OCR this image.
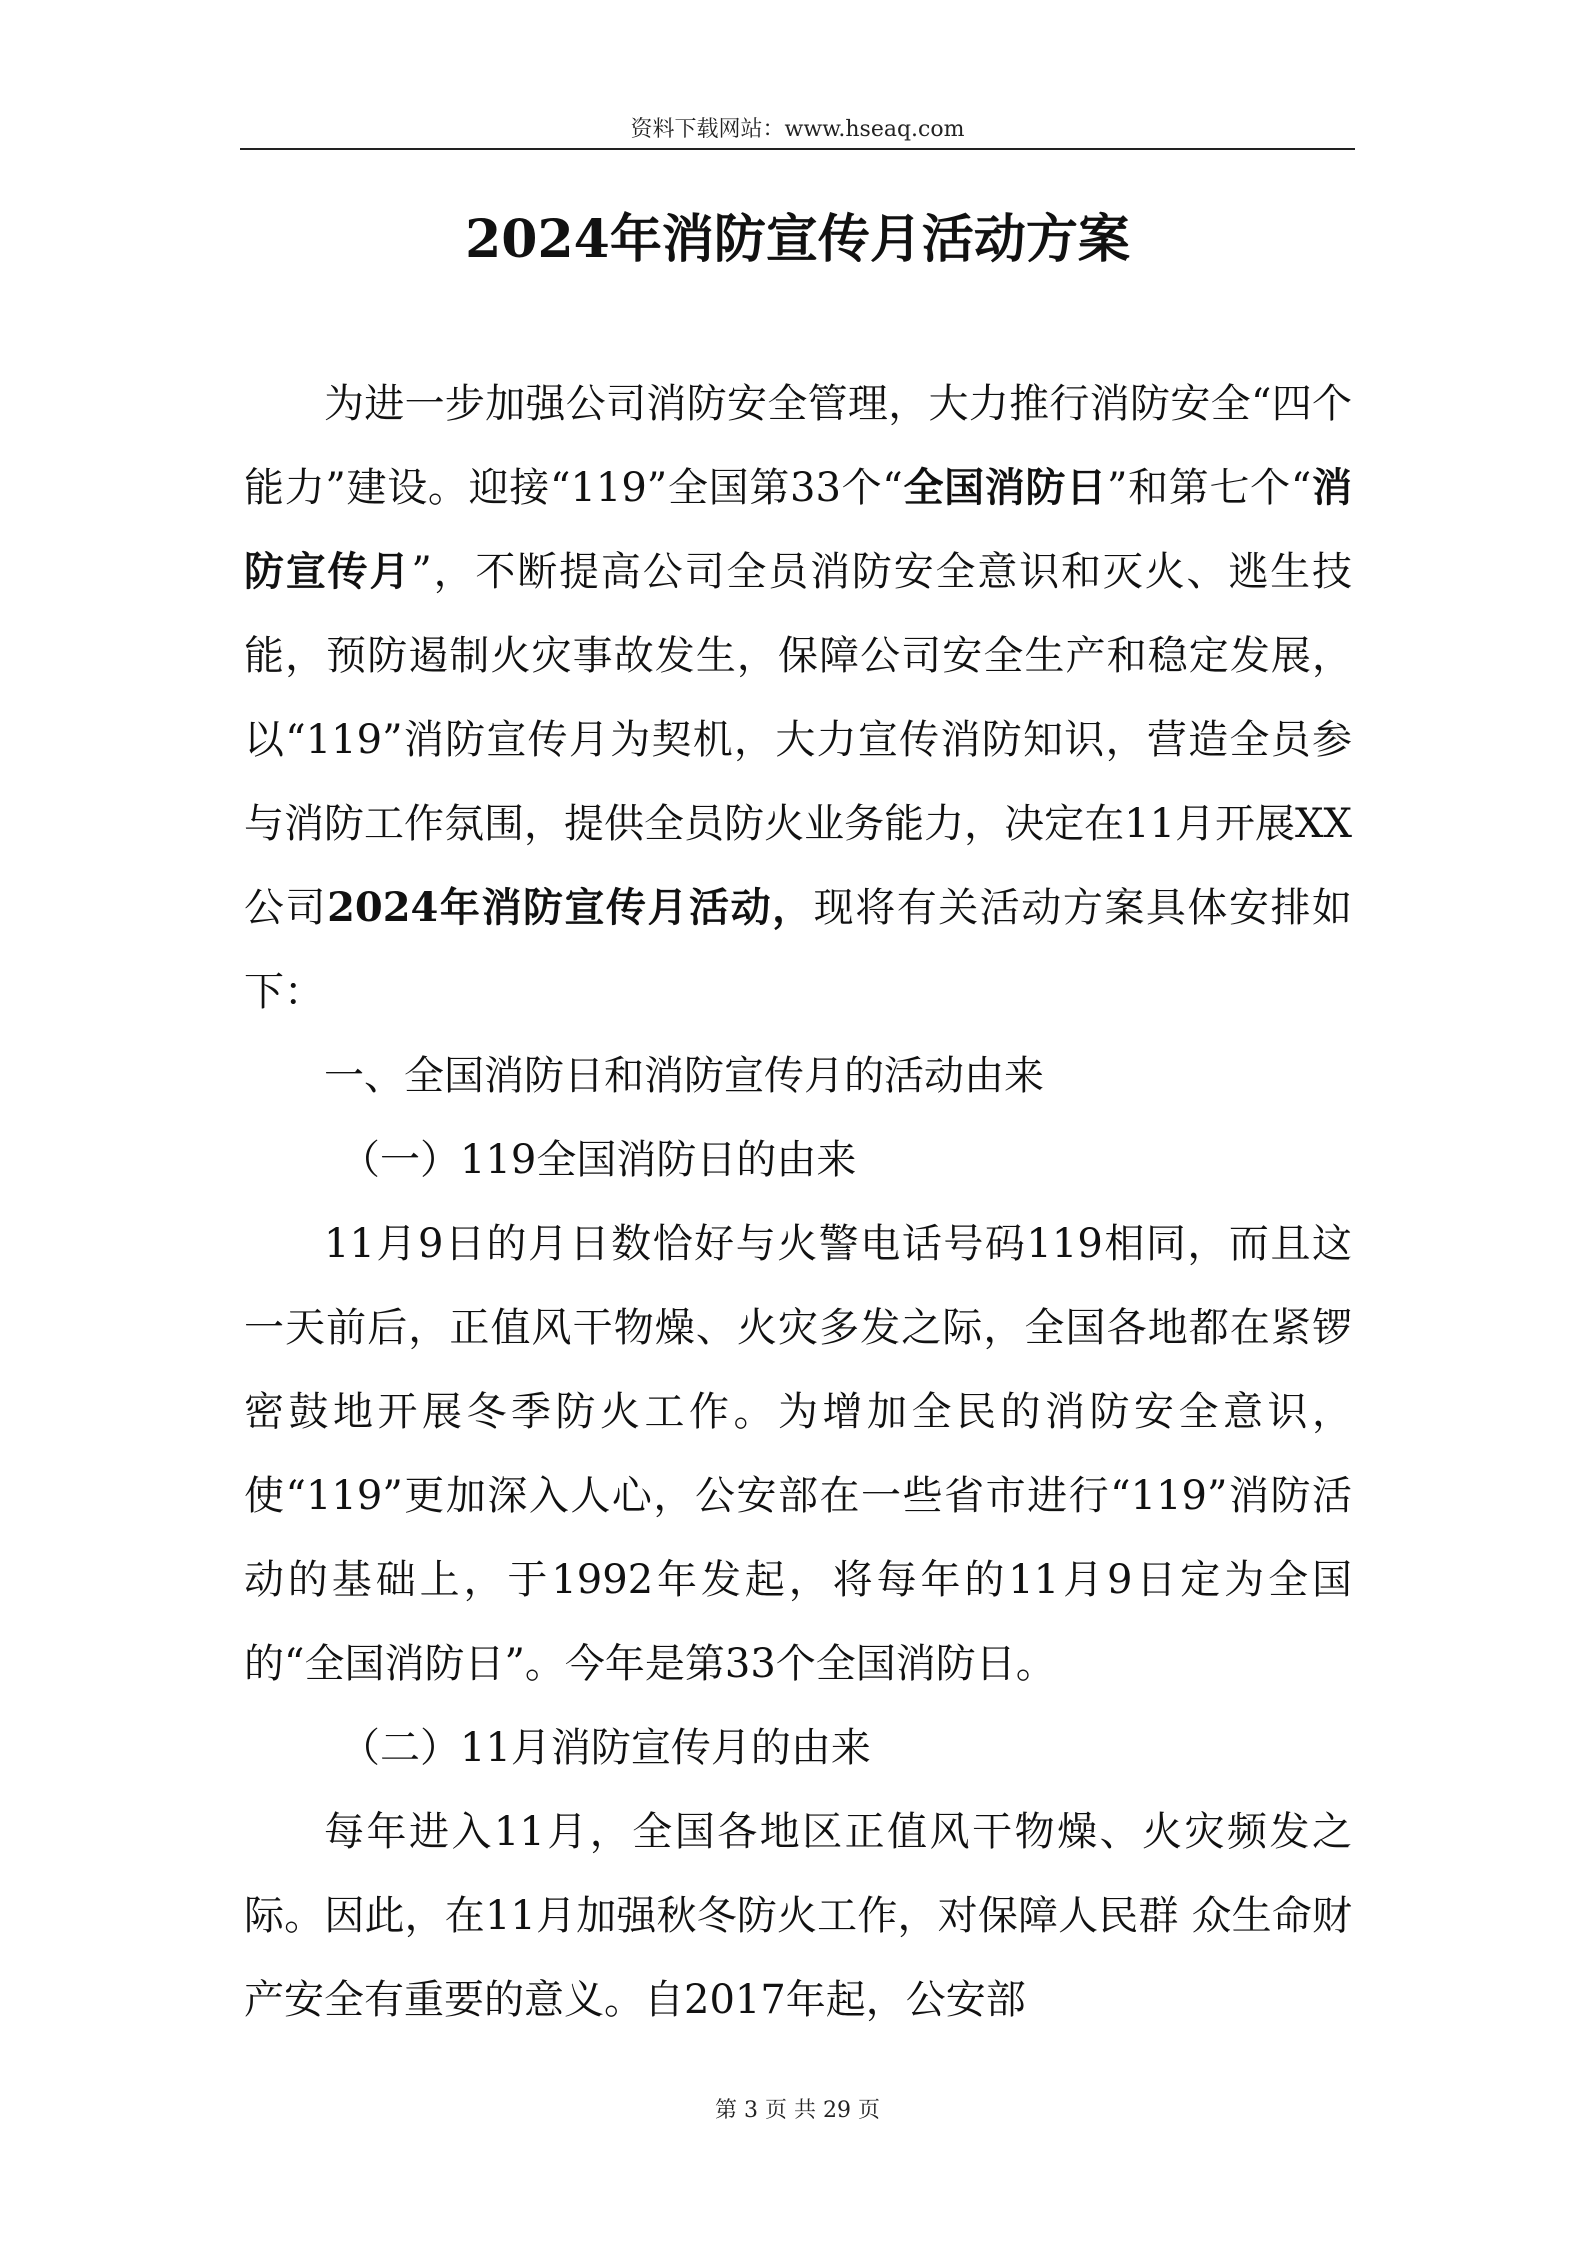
资料下载网站：www.hseaq.com
2024年消防宣传月活动方案

为进一步加强公司消防安全管理，大力推行消防安全“四个能力”建设。迎接“119”全国第33个“全国消防日”和第七个“消防宣传月”，不断提高公司全员消防安全意识和灭火、逃生技能，预防遏制火灾事故发生，保障公司安全生产和稳定发展，以“119”消防宣传月为契机，大力宣传消防知识，营造全员参与消防工作氛围，提供全员防火业务能力，决定在11月开展XX公司2024年消防宣传月活动，现将有关活动方案具体安排如下：

一、全国消防日和消防宣传月的活动由来

（一）119全国消防日的由来

11月9日的月日数恰好与火警电话号码119相同，而且这一天前后，正值风干物燥、火灾多发之际，全国各地都在紧锣密鼓地开展冬季防火工作。为增加全民的消防安全意识，使“119”更加深入人心，公安部在一些省市进行“119”消防活动的基础上，于1992年发起，将每年的11月9日定为全国的“全国消防日”。今年是第33个全国消防日。

（二）11月消防宣传月的由来

每年进入11月，全国各地区正值风干物燥、火灾频发之际。因此，在11月加强秋冬防火工作，对保障人民群 众生命财产安全有重要的意义。自2017年起，公安部

第 3 页 共 29 页
